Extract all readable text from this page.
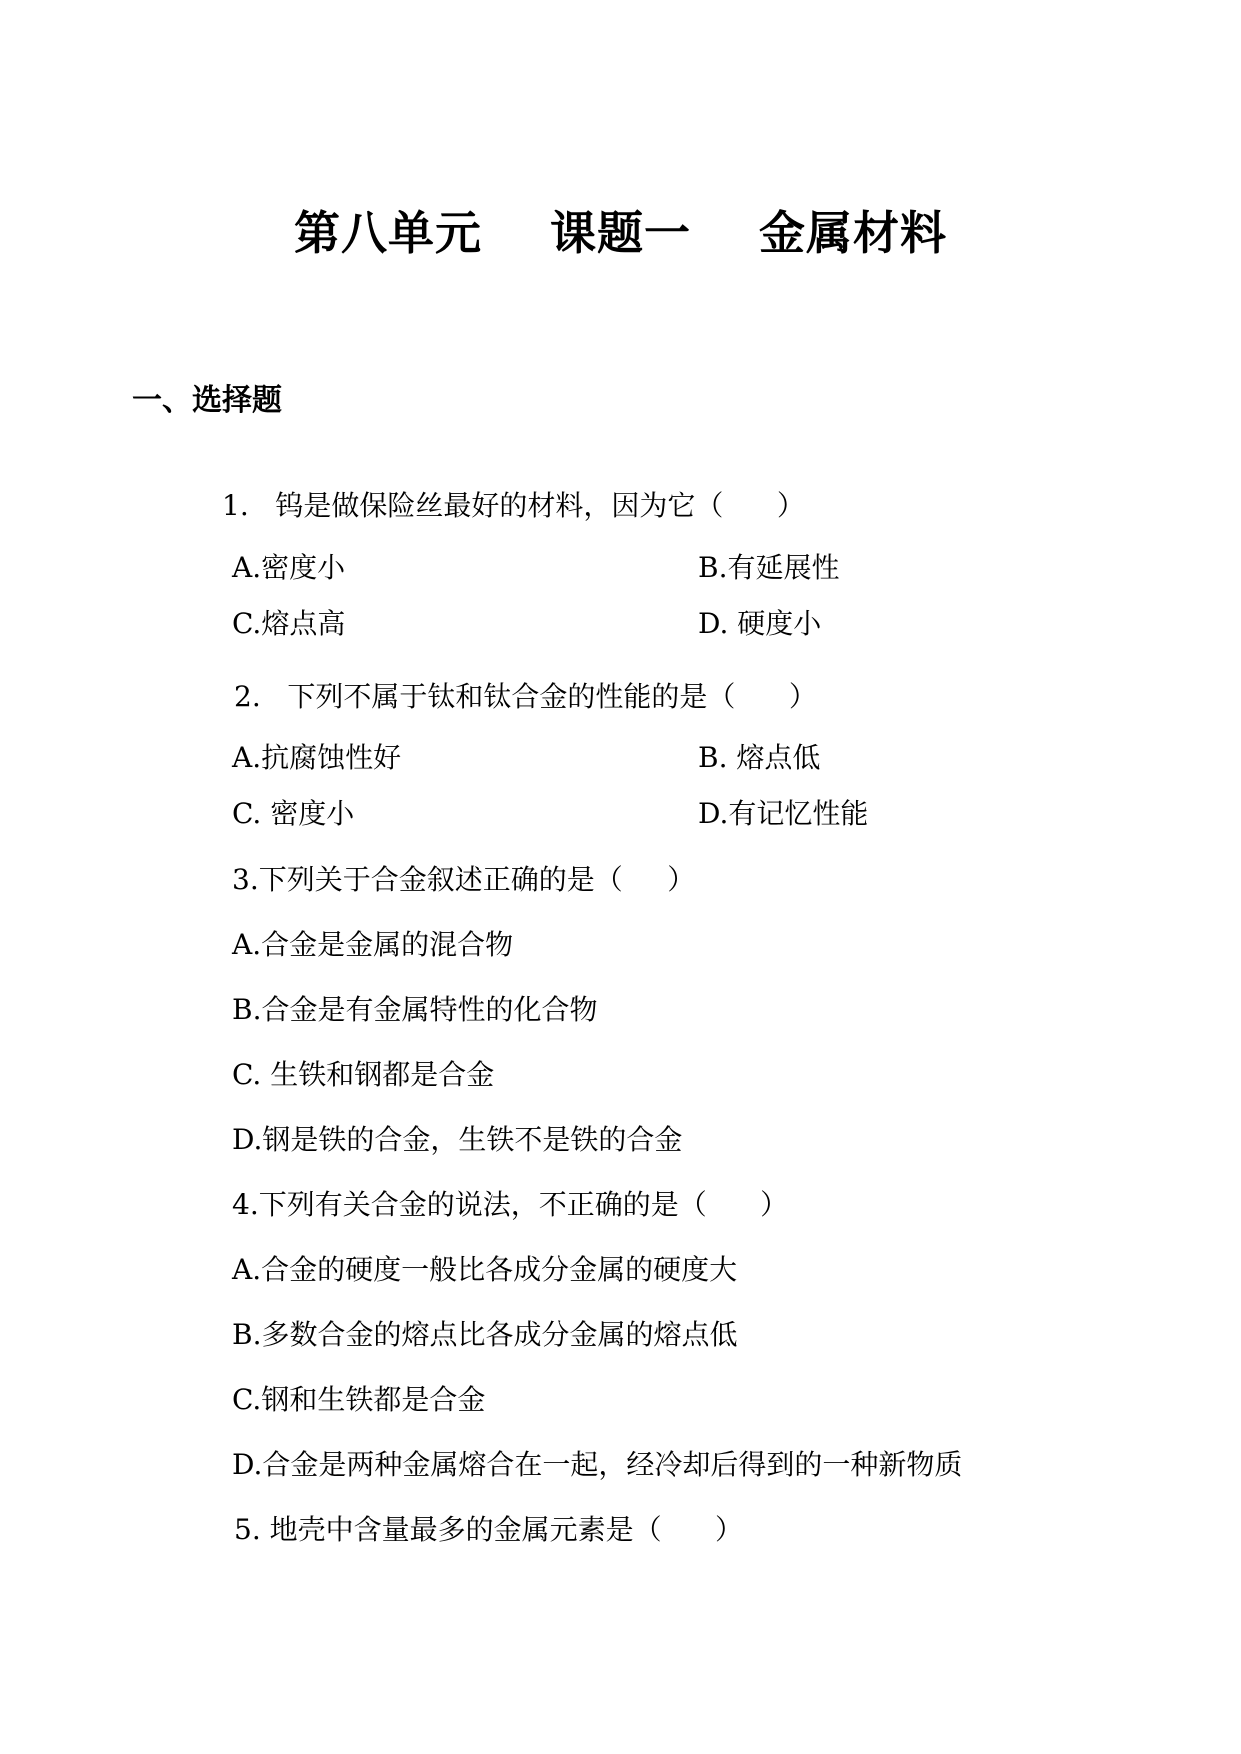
第八单元    课题一    金属材料
一、选择题
1.   钨是做保险丝最好的材料，因为它（      ）
A.密度小	B.有延展性
C.熔点高	D. 硬度小
2.   下列不属于钛和钛合金的性能的是（      ）
A.抗腐蚀性好	B. 熔点低
C. 密度小	D.有记忆性能
3.下列关于合金叙述正确的是（     ）
A.合金是金属的混合物
B.合金是有金属特性的化合物
C. 生铁和钢都是合金
D.钢是铁的合金，生铁不是铁的合金
4.下列有关合金的说法，不正确的是（      ）
A.合金的硬度一般比各成分金属的硬度大
B.多数合金的熔点比各成分金属的熔点低
C.钢和生铁都是合金
D.合金是两种金属熔合在一起，经冷却后得到的一种新物质
5. 地壳中含量最多的金属元素是（      ）
